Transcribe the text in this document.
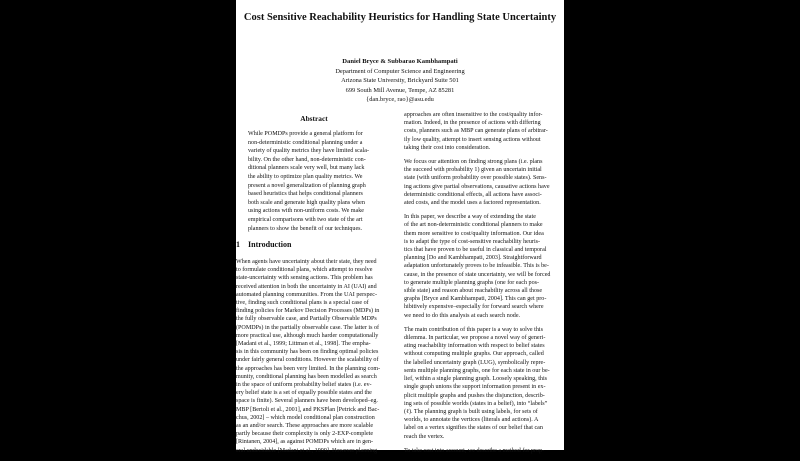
Cost Sensitive Reachability Heuristics for Handling State Uncertainty
Daniel Bryce & Subbarao Kambhampati
Department of Computer Science and Engineering
Arizona State University, Brickyard Suite 501
699 South Mill Avenue, Tempe, AZ 85281
{dan.bryce, rao}@asu.edu
Abstract
While POMDPs provide a general platform for
non-deterministic conditional planning under a
variety of quality metrics they have limited scala-
bility. On the other hand, non-deterministic con-
ditional planners scale very well, but many lack
the ability to optimize plan quality metrics. We
present a novel generalization of planning graph
based heuristics that helps conditional planners
both scale and generate high quality plans when
using actions with non-uniform costs. We make
empirical comparisons with two state of the art
planners to show the benefit of our techniques.
1 Introduction
When agents have uncertainty about their state, they need
to formulate conditional plans, which attempt to resolve
state-uncertainty with sensing actions. This problem has
received attention in both the uncertainty in AI (UAI) and
automated planning communities. From the UAI perspec-
tive, finding such conditional plans is a special case of
finding policies for Markov Decision Processes (MDPs) in
the fully observable case, and Partially Observable MDPs
(POMDPs) in the partially observable case. The latter is of
more practical use, although much harder computationally
[Madani et al., 1999; Littman et al., 1998]. The empha-
sis in this community has been on finding optimal policies
under fairly general conditions. However the scalability of
the approaches has been very limited. In the planning com-
munity, conditional planning has been modelled as search
in the space of uniform probability belief states (i.e. ev-
ery belief state is a set of equally possible states and the
space is finite). Several planners have been developed–eg.
MBP [Bertoli et al., 2001], and PKSPlan [Petrick and Bac-
chus, 2002] – which model conditional plan construction
as an and/or search. These approaches are more scalable
partly because their complexity is only 2-EXP-complete
[Rintanen, 2004], as against POMDPs which are in gen-
eral undecidable [Madani et al., 1999]. However planning
approaches are often insensitive to the cost/quality infor-
mation. Indeed, in the presence of actions with differing
costs, planners such as MBP can generate plans of arbitrar-
ily low quality, attempt to insert sensing actions without
taking their cost into consideration.
We focus our attention on finding strong plans (i.e. plans
the succeed with probability 1) given an uncertain initial
state (with uniform probability over possible states). Sens-
ing actions give partial observations, causative actions have
deterministic conditional effects, all actions have associ-
ated costs, and the model uses a factored representation.
In this paper, we describe a way of extending the state
of the art non-deterministic conditional planners to make
them more sensitive to cost/quality information. Our idea
is to adapt the type of cost-sensitive reachability heuris-
tics that have proven to be useful in classical and temporal
planning [Do and Kambhampati, 2003]. Straightforward
adaptation unfortunately proves to be infeasible. This is be-
cause, in the presence of state uncertainty, we will be forced
to generate multiple planning graphs (one for each pos-
sible state) and reason about reachability across all those
graphs [Bryce and Kambhampati, 2004]. This can get pro-
hibitively expensive–especially for forward search where
we need to do this analysis at each search node.
The main contribution of this paper is a way to solve this
dilemma. In particular, we propose a novel way of generi-
ating reachability information with respect to belief states
without computing multiple graphs. Our approach, called
the labelled uncertainty graph (LUG), symbolically repre-
sents multiple planning graphs, one for each state in our be-
lief, within a single planning graph. Loosely speaking, this
single graph unions the support information present in ex-
plicit multiple graphs and pushes the disjunction, describ-
ing sets of possible worlds (states in a belief), into “labels”
(ℓ). The planning graph is built using labels, for sets of
worlds, to annotate the vertices (literals and actions). A
label on a vertex signifies the states of our belief that can
reach the vertex.
To take cost into account, we describe a method for prop-
